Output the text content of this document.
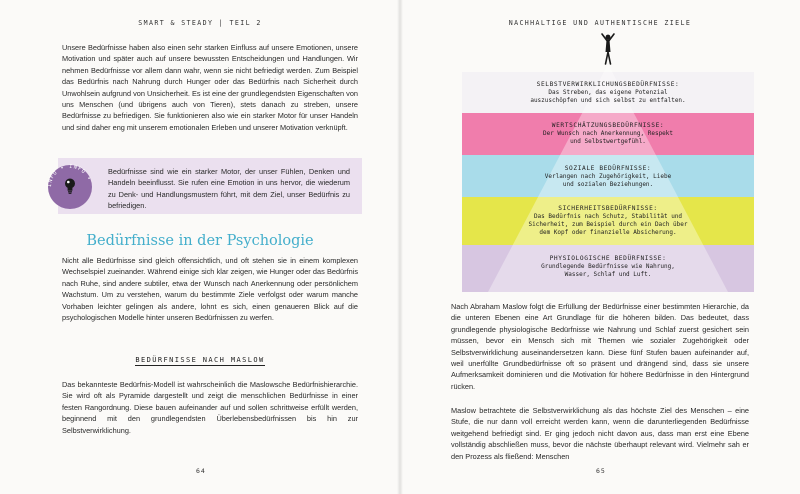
SMART & STEADY | TEIL 2
Unsere Bedürfnisse haben also einen sehr starken Einfluss auf unsere Emotionen, unsere Motivation und später auch auf unsere bewussten Entscheidungen und Handlungen. Wir nehmen Bedürfnisse vor allem dann wahr, wenn sie nicht befriedigt werden. Zum Beispiel das Bedürfnis nach Nahrung durch Hunger oder das Bedürfnis nach Sicherheit durch Unwohlsein aufgrund von Unsicherheit. Es ist eine der grundlegendsten Eigenschaften von uns Menschen (und übrigens auch von Tieren), stets danach zu streben, unsere Bedürfnisse zu befriedigen. Sie funktionieren also wie ein starker Motor für unser Handeln und sind daher eng mit unserem emotionalen Erleben und unserer Motivation verknüpft.
INFO • INFO •
Bedürfnisse sind wie ein starker Motor, der unser Fühlen, Denken und Handeln beeinflusst. Sie rufen eine Emotion in uns hervor, die wiederum zu Denk- und Handlungsmustern führt, mit dem Ziel, unser Bedürfnis zu befriedigen.
Bedürfnisse in der Psychologie
Nicht alle Bedürfnisse sind gleich offensichtlich, und oft stehen sie in einem komplexen Wechselspiel zueinander. Während einige sich klar zeigen, wie Hunger oder das Bedürfnis nach Ruhe, sind andere subtiler, etwa der Wunsch nach Anerkennung oder persönlichem Wachstum. Um zu verstehen, warum du bestimmte Ziele verfolgst oder warum manche Vorhaben leichter gelingen als andere, lohnt es sich, einen genaueren Blick auf die psychologischen Modelle hinter unseren Bedürfnissen zu werfen.
BEDÜRFNISSE NACH MASLOW
Das bekannteste Bedürfnis-Modell ist wahrscheinlich die Maslowsche Bedürfnishierarchie. Sie wird oft als Pyramide dargestellt und zeigt die menschlichen Bedürfnisse in einer festen Rangordnung. Diese bauen aufeinander auf und sollen schrittweise erfüllt werden, beginnend mit den grundlegendsten Überlebensbedürfnissen bis hin zur Selbstverwirklichung.
64
NACHHALTIGE UND AUTHENTISCHE ZIELE
SELBSTVERWIRKLICHUNGSBEDÜRFNISSE:
Das Streben, das eigene Potenzial
auszuschöpfen und sich selbst zu entfalten.
WERTSCHÄTZUNGSBEDÜRFNISSE:
Der Wunsch nach Anerkennung, Respekt
und Selbstwertgefühl.
SOZIALE BEDÜRFNISSE:
Verlangen nach Zugehörigkeit, Liebe
und sozialen Beziehungen.
SICHERHEITSBEDÜRFNISSE:
Das Bedürfnis nach Schutz, Stabilität und
Sicherheit, zum Beispiel durch ein Dach über
dem Kopf oder finanzielle Absicherung.
PHYSIOLOGISCHE BEDÜRFNISSE:
Grundlegende Bedürfnisse wie Nahrung,
Wasser, Schlaf und Luft.
Nach Abraham Maslow folgt die Erfüllung der Bedürfnisse einer bestimmten Hierarchie, da die unteren Ebenen eine Art Grundlage für die höheren bilden. Das bedeutet, dass grundlegende physiologische Bedürfnisse wie Nahrung und Schlaf zuerst gesichert sein müssen, bevor ein Mensch sich mit Themen wie sozialer Zugehörigkeit oder Selbstverwirklichung auseinandersetzen kann. Diese fünf Stufen bauen aufeinander auf, weil unerfüllte Grundbedürfnisse oft so präsent und drängend sind, dass sie unsere Aufmerksamkeit dominieren und die Motivation für höhere Bedürfnisse in den Hintergrund rücken.
Maslow betrachtete die Selbstverwirklichung als das höchste Ziel des Menschen – eine Stufe, die nur dann voll erreicht werden kann, wenn die darunterliegenden Bedürfnisse weitgehend befriedigt sind. Er ging jedoch nicht davon aus, dass man erst eine Ebene vollständig abschließen muss, bevor die nächste überhaupt relevant wird. Vielmehr sah er den Prozess als fließend: Menschen
65
